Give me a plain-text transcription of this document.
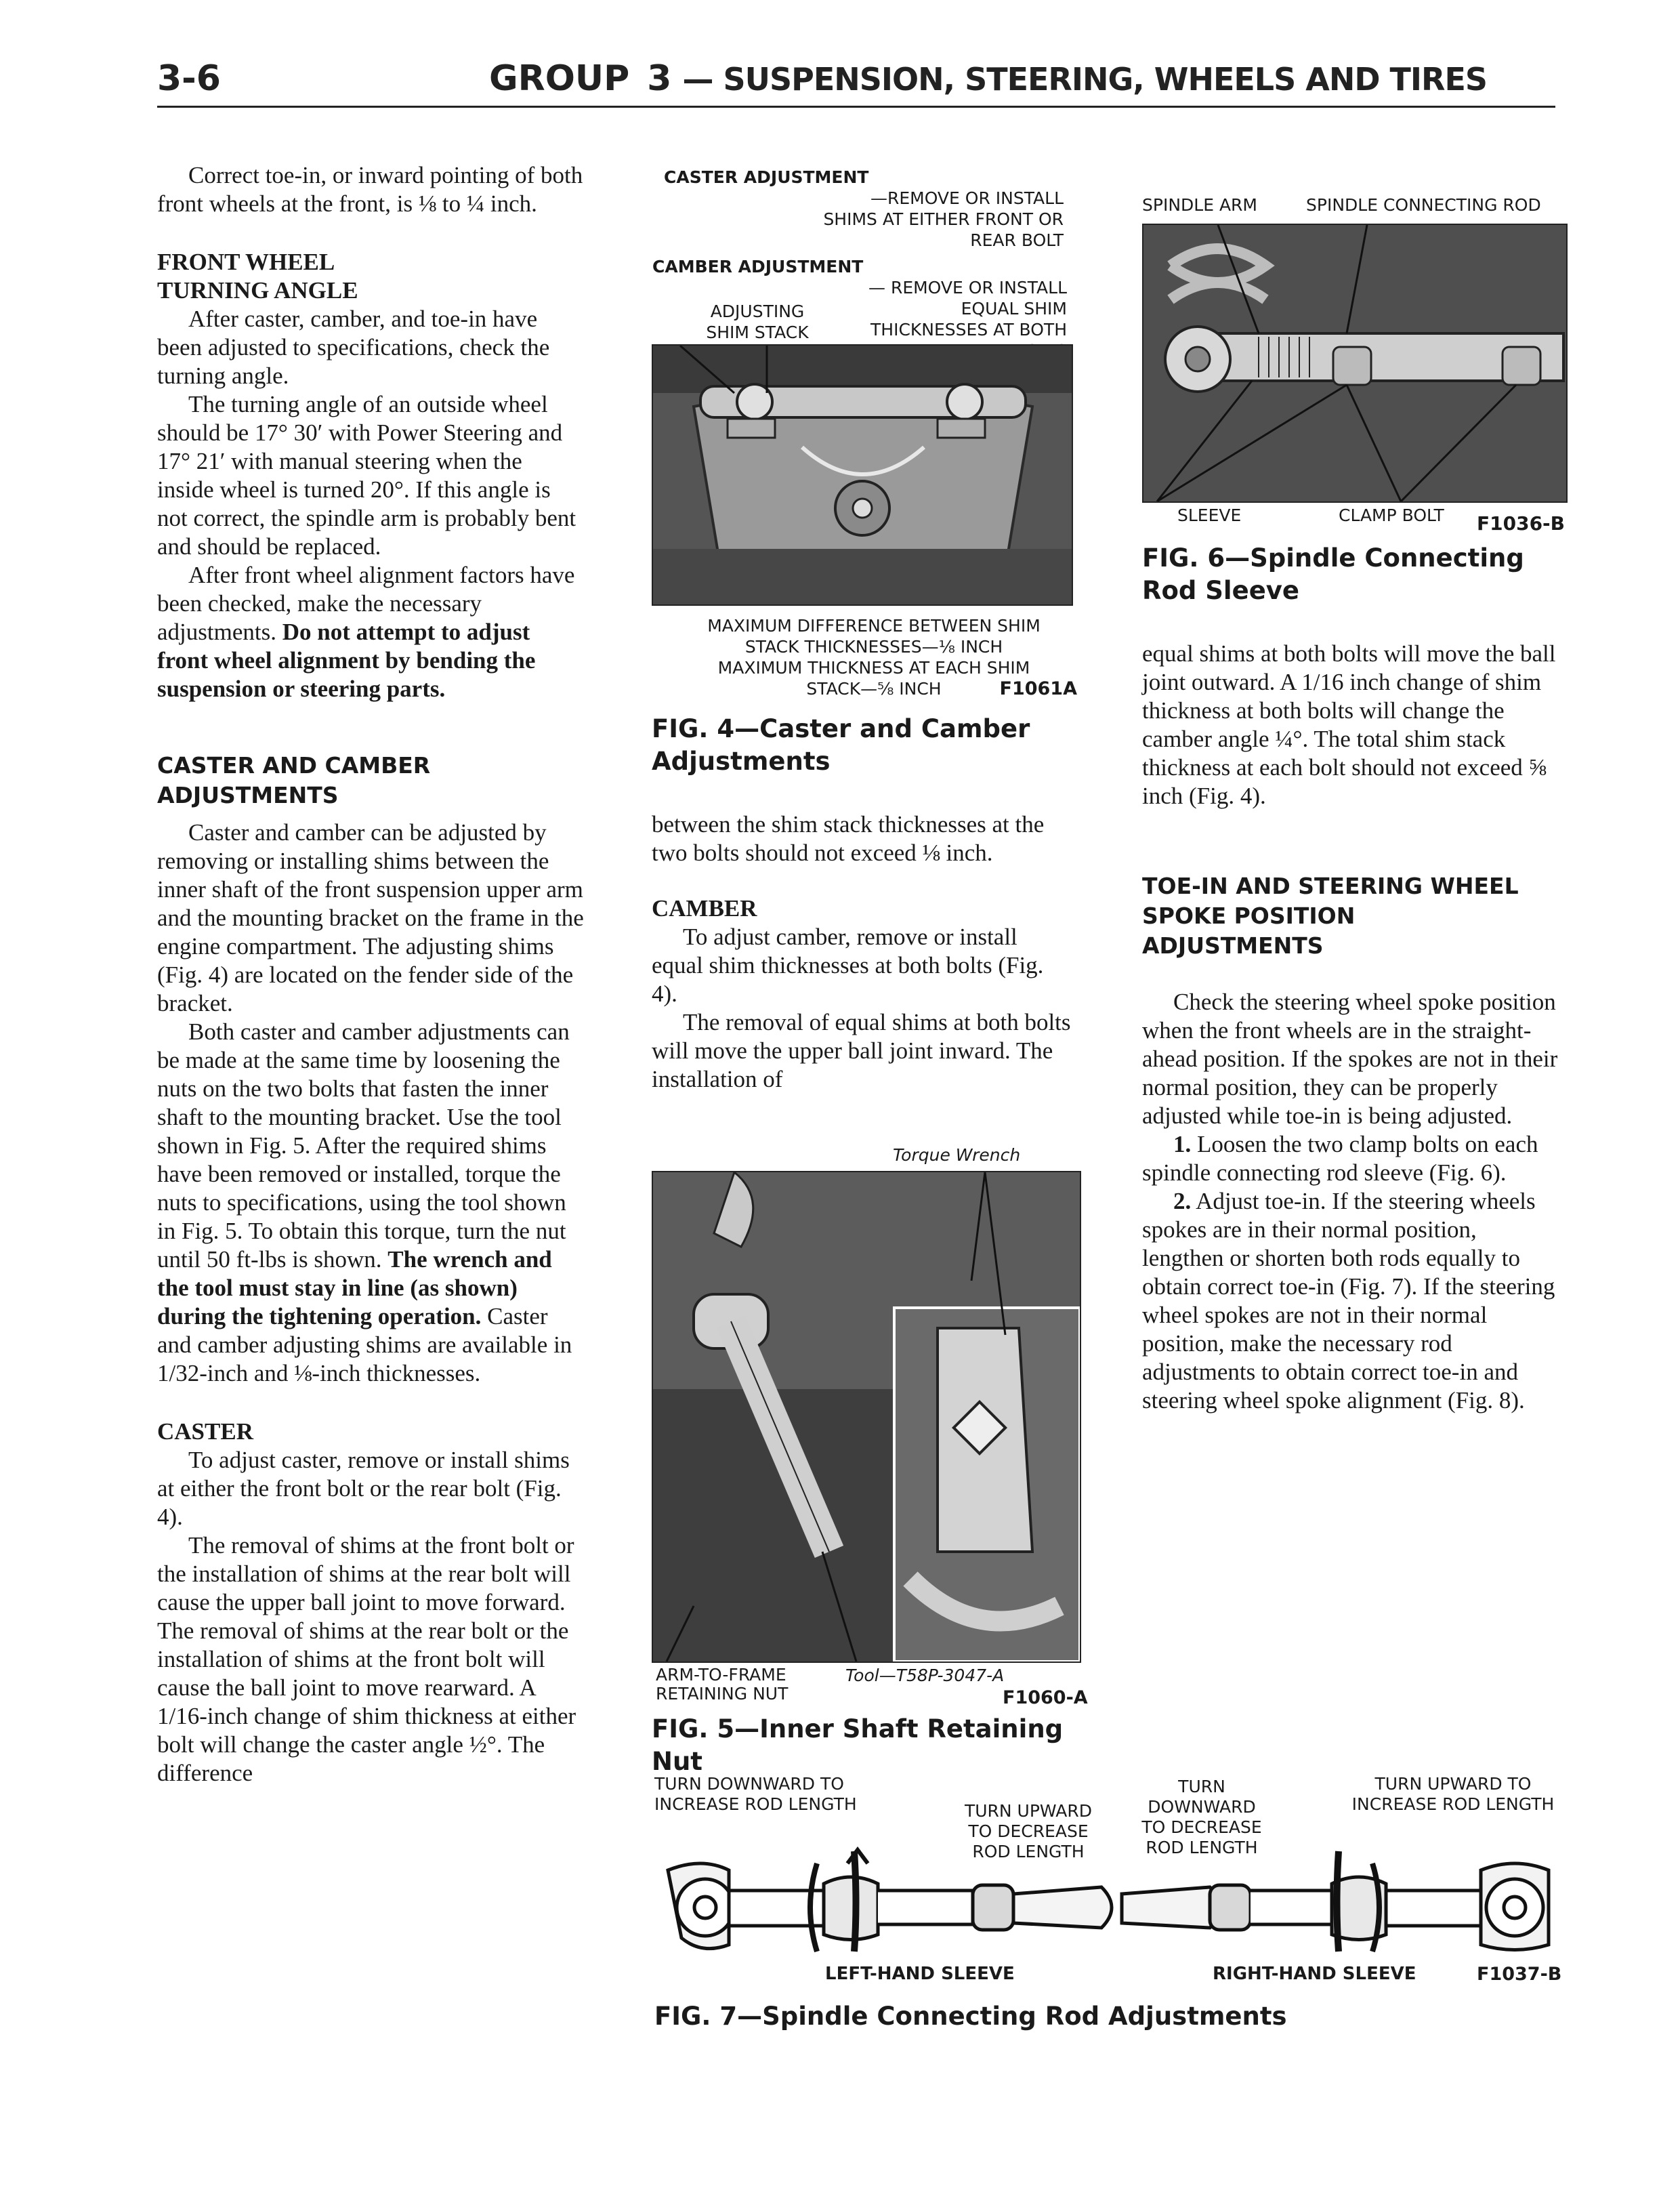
3-6	GROUP 3 — SUSPENSION, STEERING, WHEELS AND TIRES

Correct toe-in, or inward pointing of both front wheels at the front, is ⅛ to ¼ inch.

FRONT WHEEL
TURNING ANGLE

After caster, camber, and toe-in have been adjusted to specifications, check the turning angle.

The turning angle of an outside wheel should be 17° 30′ with Power Steering and 17° 21′ with manual steering when the inside wheel is turned 20°. If this angle is not correct, the spindle arm is probably bent and should be replaced.

After front wheel alignment factors have been checked, make the necessary adjustments. Do not attempt to adjust front wheel alignment by bending the suspension or steering parts.

CASTER AND CAMBER
ADJUSTMENTS

Caster and camber can be adjusted by removing or installing shims between the inner shaft of the front suspension upper arm and the mounting bracket on the frame in the engine compartment. The adjusting shims (Fig. 4) are located on the fender side of the bracket.

Both caster and camber adjustments can be made at the same time by loosening the nuts on the two bolts that fasten the inner shaft to the mounting bracket. Use the tool shown in Fig. 5. After the required shims have been removed or installed, torque the nuts to specifications, using the tool shown in Fig. 5. To obtain this torque, turn the nut until 50 ft-lbs is shown. The wrench and the tool must stay in line (as shown) during the tightening operation. Caster and camber adjusting shims are available in 1/32-inch and ⅛-inch thicknesses.

CASTER

To adjust caster, remove or install shims at either the front bolt or the rear bolt (Fig. 4).

The removal of shims at the front bolt or the installation of shims at the rear bolt will cause the upper ball joint to move forward. The removal of shims at the rear bolt or the installation of shims at the front bolt will cause the ball joint to move rearward. A 1/16-inch change of shim thickness at either bolt will change the caster angle ½°. The difference

CASTER ADJUSTMENT
—REMOVE OR INSTALL SHIMS AT EITHER FRONT OR REAR BOLT
CAMBER ADJUSTMENT
— REMOVE OR INSTALL EQUAL SHIM THICKNESSES AT BOTH
ADJUSTING SHIM STACK
MAXIMUM DIFFERENCE BETWEEN SHIM
STACK THICKNESSES—⅛ INCH
MAXIMUM THICKNESS AT EACH SHIM
STACK—⅝ INCH	F1061A
FIG. 4—Caster and Camber Adjustments

between the shim stack thicknesses at the two bolts should not exceed ⅛ inch.

CAMBER

To adjust camber, remove or install equal shim thicknesses at both bolts (Fig. 4).

The removal of equal shims at both bolts will move the upper ball joint inward. The installation of

Torque Wrench
ARM-TO-FRAME RETAINING NUT
Tool—T58P-3047-A
F1060-A
FIG. 5—Inner Shaft Retaining Nut
SPINDLE ARM	SPINDLE CONNECTING ROD
SLEEVE	CLAMP BOLT F1036-B
FIG. 6—Spindle Connecting Rod Sleeve

equal shims at both bolts will move the ball joint outward. A 1/16 inch change of shim thickness at both bolts will change the camber angle ¼°. The total shim stack thickness at each bolt should not exceed ⅝ inch (Fig. 4).

TOE-IN AND STEERING WHEEL
SPOKE POSITION
ADJUSTMENTS

Check the steering wheel spoke position when the front wheels are in the straight-ahead position. If the spokes are not in their normal position, they can be properly adjusted while toe-in is being adjusted.

1. Loosen the two clamp bolts on each spindle connecting rod sleeve (Fig. 6).

2. Adjust toe-in. If the steering wheels spokes are in their normal position, lengthen or shorten both rods equally to obtain correct toe-in (Fig. 7). If the steering wheel spokes are not in their normal position, make the necessary rod adjustments to obtain correct toe-in and steering wheel spoke alignment (Fig. 8).

TURN DOWNWARD TO INCREASE ROD LENGTH	TURN UPWARD TO DECREASE ROD LENGTH
TURN DOWNWARD TO DECREASE ROD LENGTH
TURN UPWARD TO INCREASE ROD LENGTH
LEFT-HAND SLEEVE	RIGHT-HAND SLEEVE	F1037-B
FIG. 7—Spindle Connecting Rod Adjustments
